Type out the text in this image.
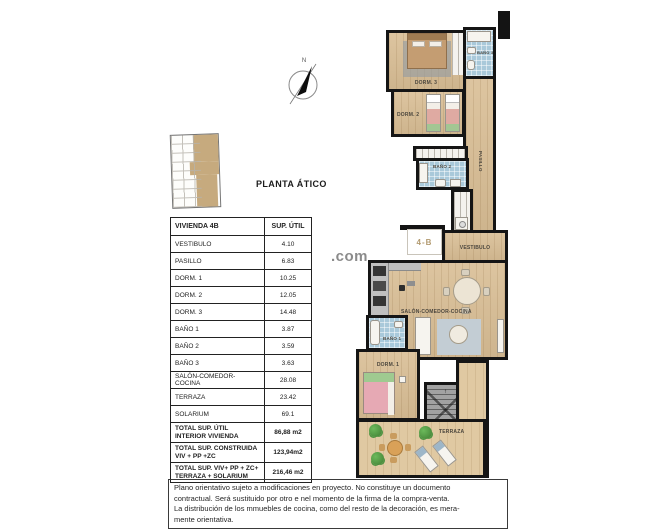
N
PLANTA ÁTICO
VIVIENDA 4B	SUP. ÚTIL
VESTIBULO	4.10
PASILLO	6.83
DORM. 1	10.25
DORM. 2	12.05
DORM. 3	14.48
BAÑO 1	3.87
BAÑO 2	3.59
BAÑO 3	3.63
SALÓN-COMEDOR-COCINA	28.08
TERRAZA	23.42
SOLARIUM	69.1
TOTAL SUP. ÚTIL INTERIOR VIVIENDA	86,88 m2
TOTAL SUP. CONSTRUIDA VIV + PP +ZC	123,94m2
TOTAL SUP. VIV+ PP + ZC+ TERRAZA + SOLARIUM	216,46 m2
.com
DORM. 3
BAÑO 3
PASILLO
DORM. 2
BAÑO 2
VESTIBULO
4-B
SALÓN-COMEDOR-COCINA
BAÑO 1
DORM. 1
↑
TERRAZA
Plano orientativo sujeto a modificaciones en proyecto. No constituye un documento
contractual. Será sustituido por otro e nel momento de la firma de la compra-venta.
La distribución de los mmuebles de cocina, como del resto de la decoración, es mera-
mente orientativa.
